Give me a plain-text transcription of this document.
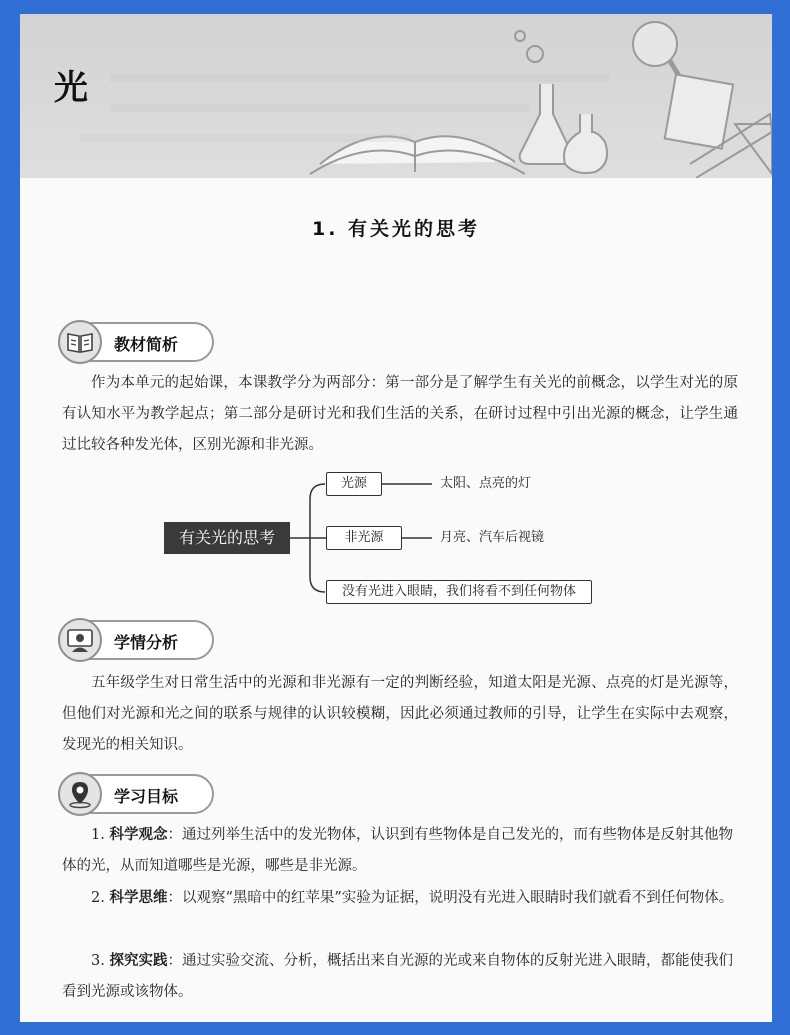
光
1. 有关光的思考
教材简析
作为本单元的起始课，本课教学分为两部分：第一部分是了解学生有关光的前概念，以学生对光的原有认知水平为教学起点；第二部分是研讨光和我们生活的关系，在研讨过程中引出光源的概念，让学生通过比较各种发光体，区别光源和非光源。
有关光的思考
光源	太阳、点亮的灯
非光源	月亮、汽车后视镜
没有光进入眼睛，我们将看不到任何物体
学情分析
五年级学生对日常生活中的光源和非光源有一定的判断经验，知道太阳是光源、点亮的灯是光源等，但他们对光源和光之间的联系与规律的认识较模糊，因此必须通过教师的引导，让学生在实际中去观察，发现光的相关知识。
学习目标
1. 科学观念：通过列举生活中的发光物体，认识到有些物体是自己发光的，而有些物体是反射其他物体的光，从而知道哪些是光源，哪些是非光源。
2. 科学思维：以观察“黑暗中的红苹果”实验为证据，说明没有光进入眼睛时我们就看不到任何物体。
3. 探究实践：通过实验交流、分析，概括出来自光源的光或来自物体的反射光进入眼睛，都能使我们看到光源或该物体。
